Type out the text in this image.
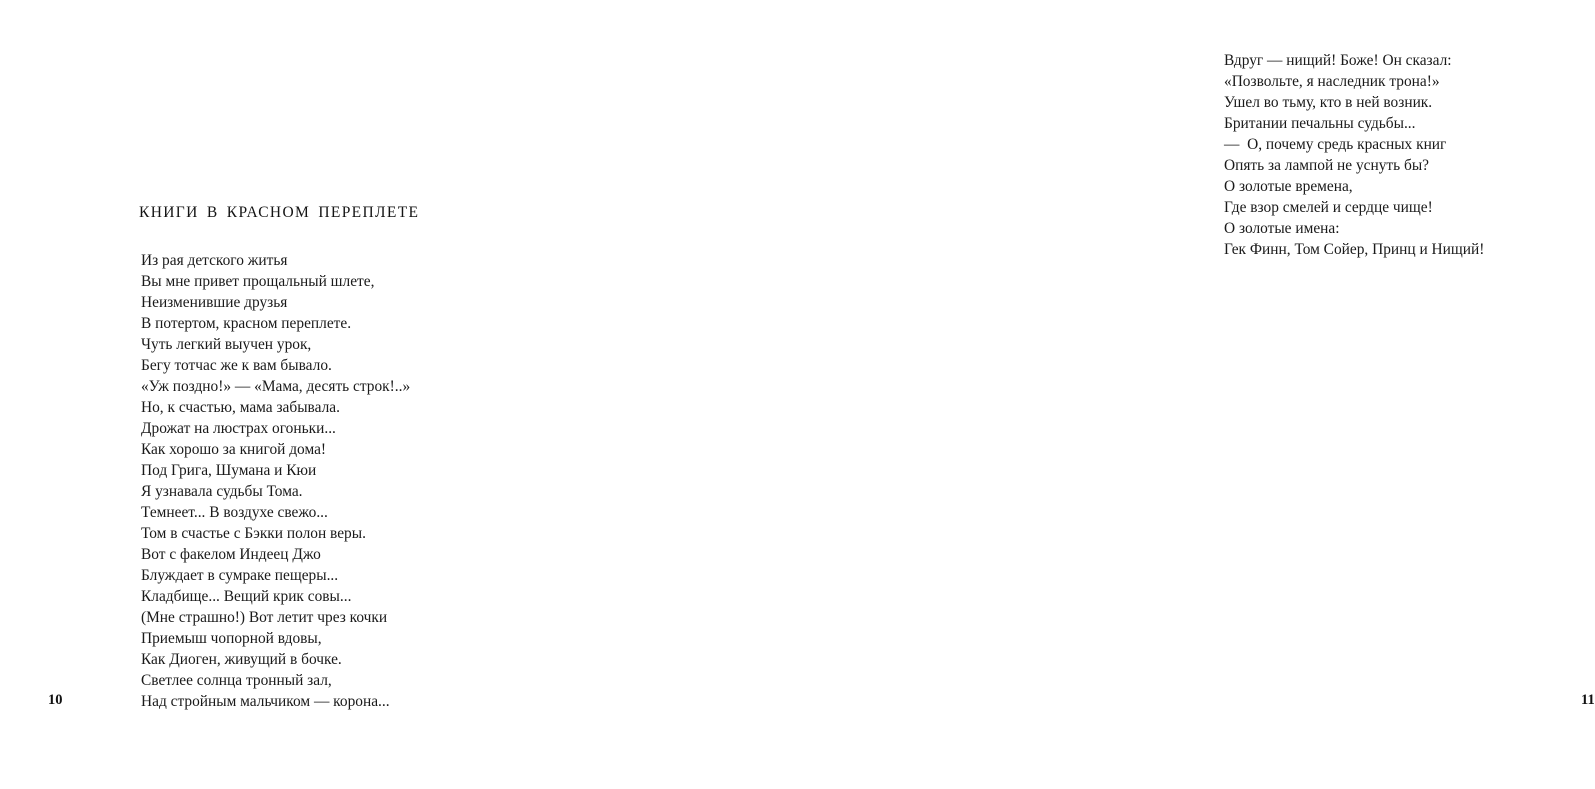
КНИГИ В КРАСНОМ ПЕРЕПЛЕТЕ
Из рая детского житья
Вы мне привет прощальный шлете,
Неизменившие друзья
В потертом, красном переплете.
Чуть легкий выучен урок,
Бегу тотчас же к вам бывало.
«Уж поздно!» — «Мама, десять строк!..»
Но, к счастью, мама забывала.
Дрожат на люстрах огоньки...
Как хорошо за книгой дома!
Под Грига, Шумана и Кюи
Я узнавала судьбы Тома.
Темнеет... В воздухе свежо...
Том в счастье с Бэкки полон веры.
Вот с факелом Индеец Джо
Блуждает в сумраке пещеры...
Кладбище... Вещий крик совы...
(Мне страшно!) Вот летит чрез кочки
Приемыш чопорной вдовы,
Как Диоген, живущий в бочке.
Светлее солнца тронный зал,
Над стройным мальчиком — корона...
10
Вдруг — нищий! Боже! Он сказал:
«Позвольте, я наследник трона!»
Ушел во тьму, кто в ней возник.
Британии печальны судьбы...
—  О, почему средь красных книг
Опять за лампой не уснуть бы?
О золотые времена,
Где взор смелей и сердце чище!
О золотые имена:
Гек Финн, Том Сойер, Принц и Нищий!
11
